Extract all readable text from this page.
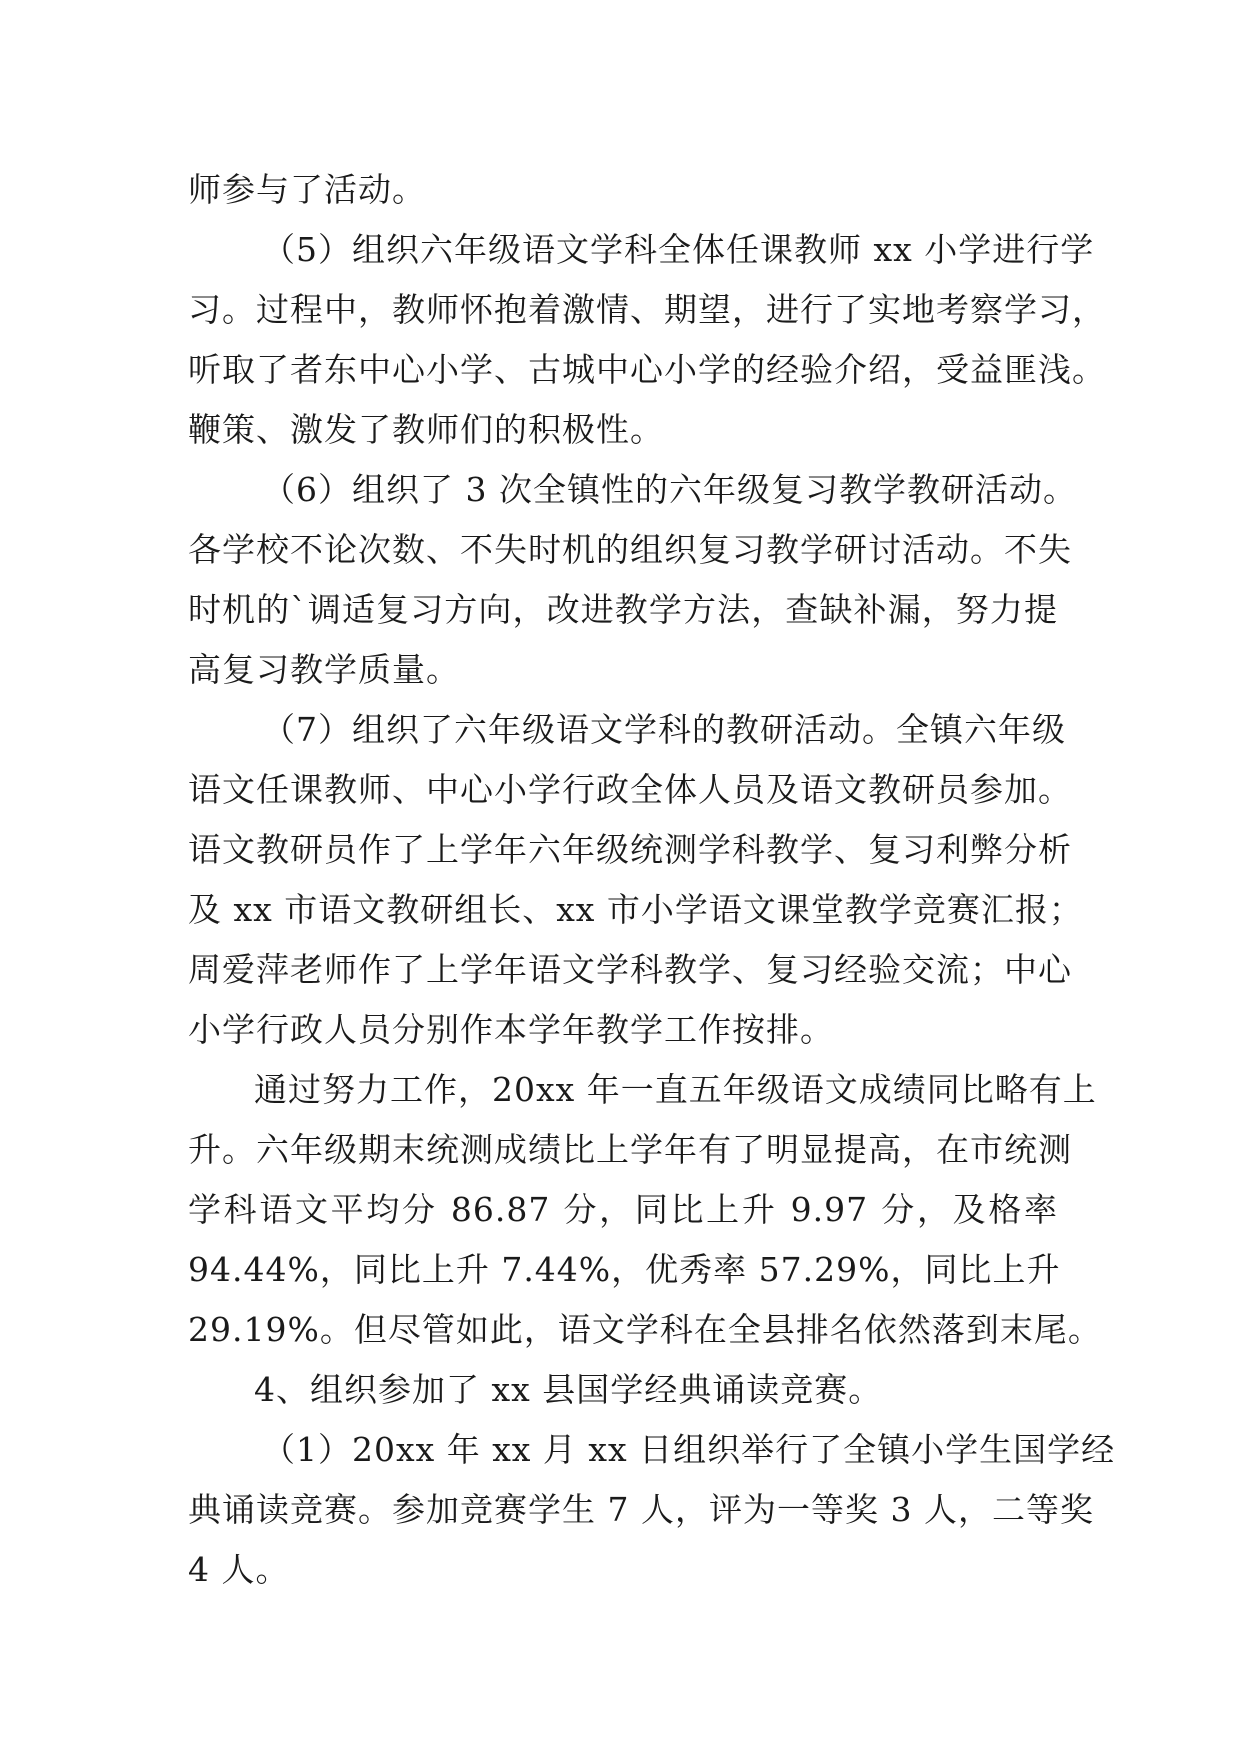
师参与了活动。
（5）组织六年级语文学科全体任课教师 xx 小学进行学
习。过程中，教师怀抱着激情、期望，进行了实地考察学习，
听取了者东中心小学、古城中心小学的经验介绍，受益匪浅。
鞭策、激发了教师们的积极性。
（6）组织了 3 次全镇性的六年级复习教学教研活动。
各学校不论次数、不失时机的组织复习教学研讨活动。不失
时机的`调适复习方向，改进教学方法，查缺补漏，努力提
高复习教学质量。
（7）组织了六年级语文学科的教研活动。全镇六年级
语文任课教师、中心小学行政全体人员及语文教研员参加。
语文教研员作了上学年六年级统测学科教学、复习利弊分析
及 xx 市语文教研组长、xx 市小学语文课堂教学竞赛汇报；
周爱萍老师作了上学年语文学科教学、复习经验交流；中心
小学行政人员分别作本学年教学工作按排。
通过努力工作，20xx 年一直五年级语文成绩同比略有上
升。六年级期末统测成绩比上学年有了明显提高，在市统测
学科语文平均分 86.87 分，同比上升 9.97 分，及格率
94.44%，同比上升 7.44%，优秀率 57.29%，同比上升
29.19%。但尽管如此，语文学科在全县排名依然落到末尾。
4、组织参加了 xx 县国学经典诵读竞赛。
（1）20xx 年 xx 月 xx 日组织举行了全镇小学生国学经
典诵读竞赛。参加竞赛学生 7 人，评为一等奖 3 人，二等奖
4 人。
